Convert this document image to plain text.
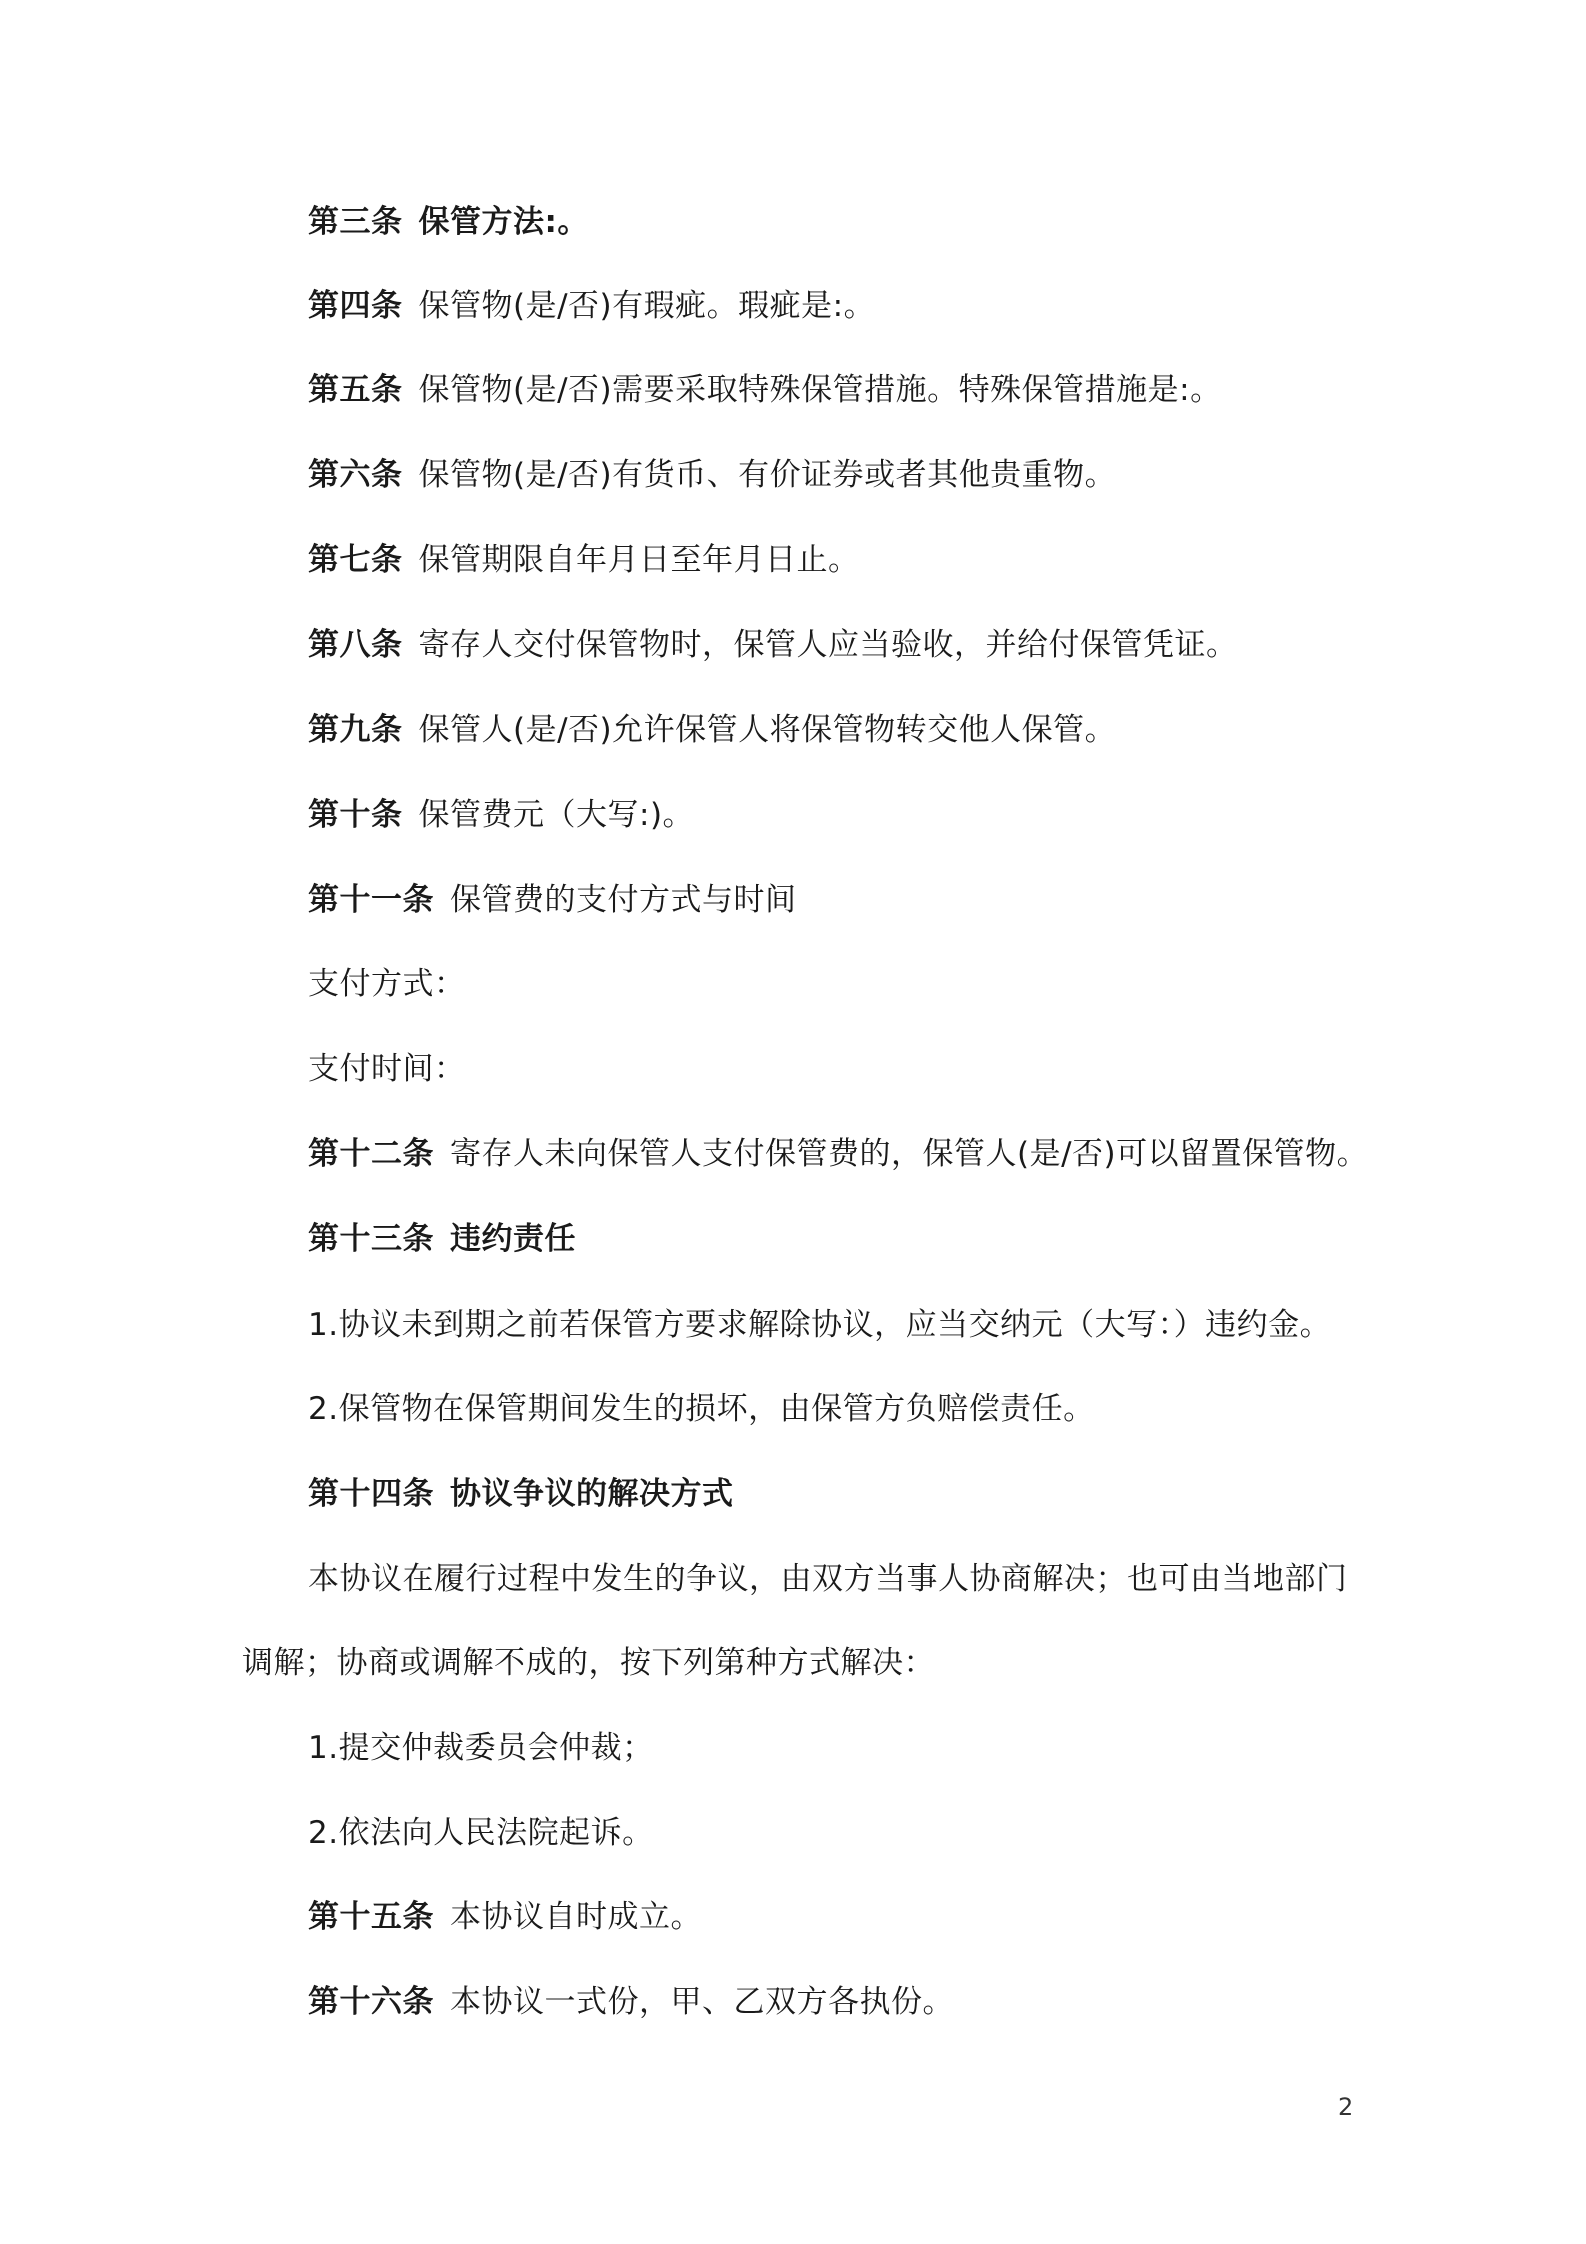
第三条 保管方法:。
第四条 保管物(是/否)有瑕疵。瑕疵是:。
第五条 保管物(是/否)需要采取特殊保管措施。特殊保管措施是:。
第六条 保管物(是/否)有货币、有价证券或者其他贵重物。
第七条 保管期限自年月日至年月日止。
第八条 寄存人交付保管物时，保管人应当验收，并给付保管凭证。
第九条 保管人(是/否)允许保管人将保管物转交他人保管。
第十条 保管费元（大写:)。
第十一条 保管费的支付方式与时间
支付方式：
支付时间：
第十二条 寄存人未向保管人支付保管费的，保管人(是/否)可以留置保管物。
第十三条 违约责任
1.协议未到期之前若保管方要求解除协议，应当交纳元（大写：）违约金。
2.保管物在保管期间发生的损坏，由保管方负赔偿责任。
第十四条 协议争议的解决方式
本协议在履行过程中发生的争议，由双方当事人协商解决；也可由当地部门
调解；协商或调解不成的，按下列第种方式解决：
1.提交仲裁委员会仲裁；
2.依法向人民法院起诉。
第十五条 本协议自时成立。
第十六条 本协议一式份，甲、乙双方各执份。
2
